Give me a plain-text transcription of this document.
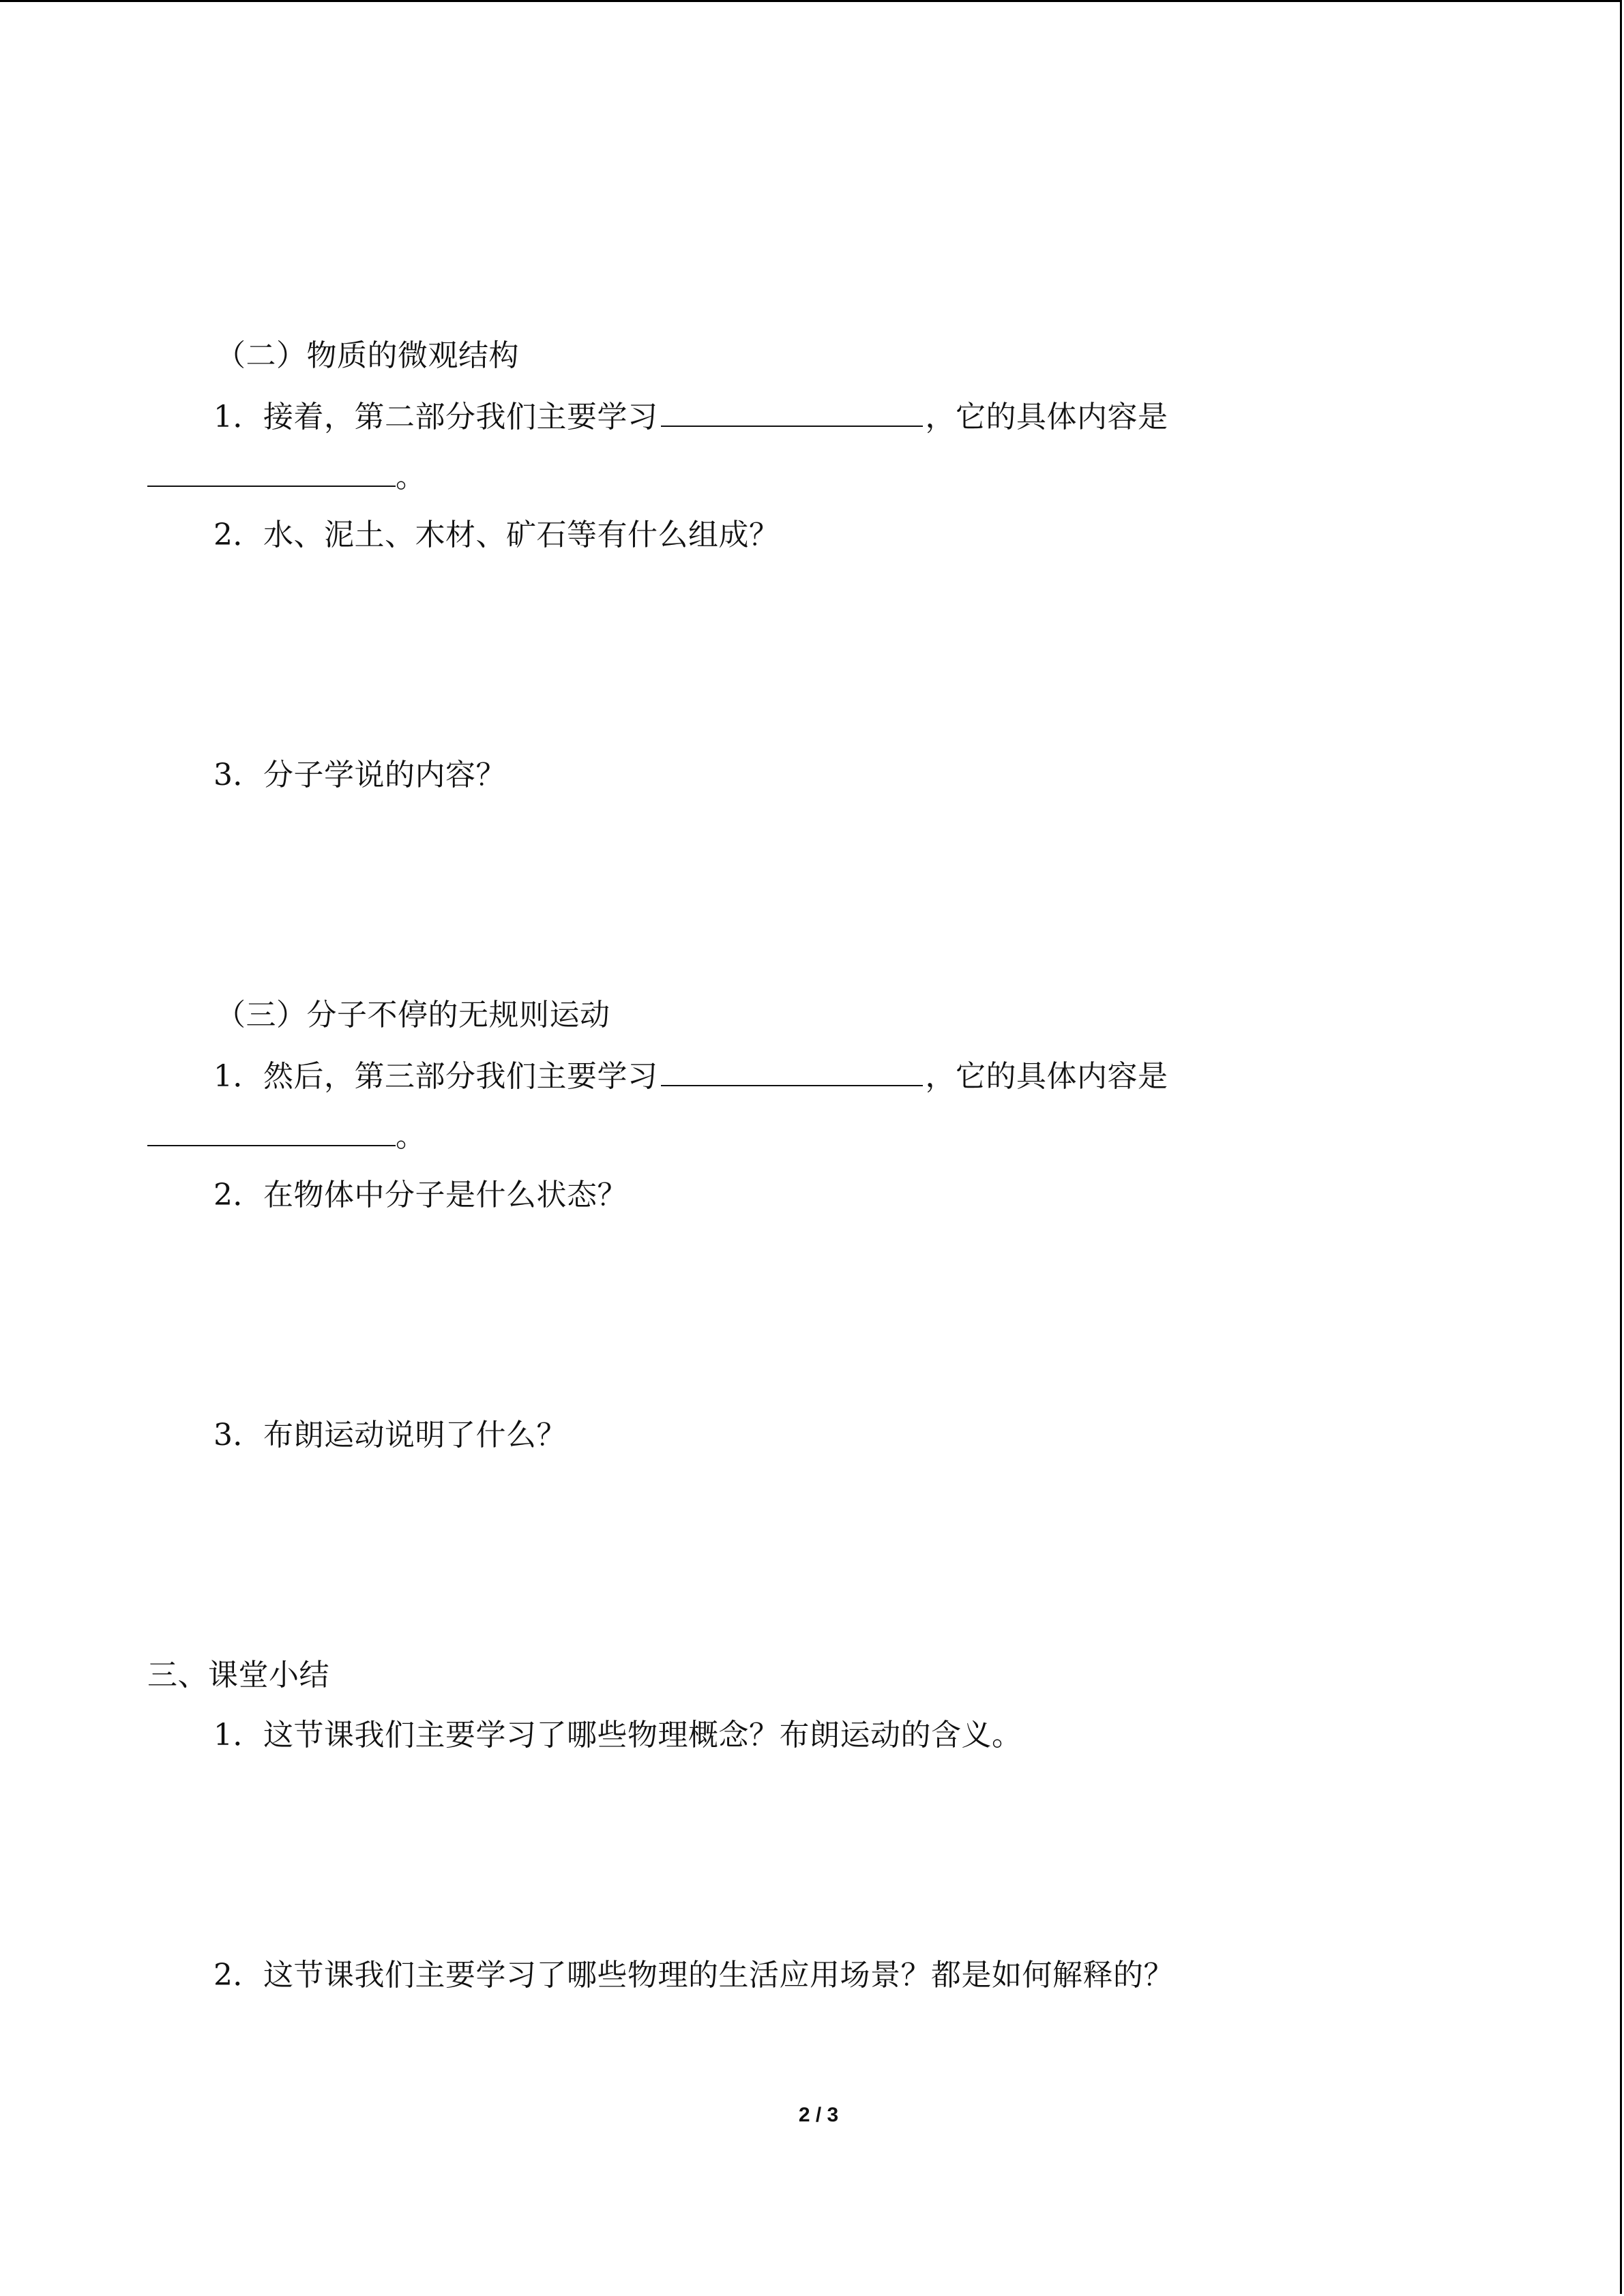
（二）物质的微观结构
1．接着，第二部分我们主要学习	，它的具体内容是
。
2．水、泥土、木材、矿石等有什么组成？
3．分子学说的内容？
（三）分子不停的无规则运动
1．然后，第三部分我们主要学习	，它的具体内容是
。
2．在物体中分子是什么状态？
3．布朗运动说明了什么？
三、课堂小结
1．这节课我们主要学习了哪些物理概念？布朗运动的含义。
2．这节课我们主要学习了哪些物理的生活应用场景？都是如何解释的？
2 / 3
